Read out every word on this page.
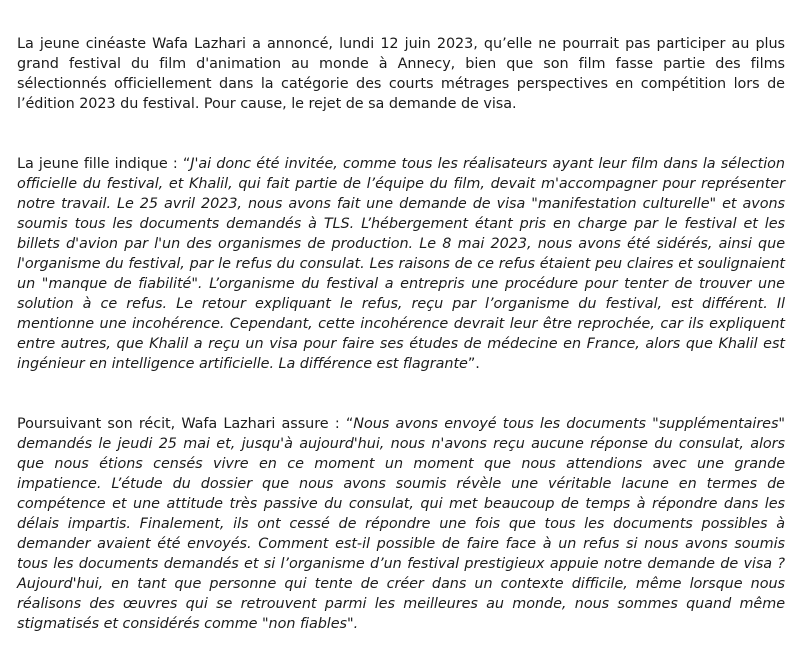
La jeune cinéaste Wafa Lazhari a annoncé, lundi 12 juin 2023, qu’elle ne pourrait pas participer au plus grand festival du film d'animation au monde à Annecy, bien que son film fasse partie des films sélectionnés officiellement dans la catégorie des courts métrages perspectives en compétition lors de l’édition 2023 du festival. Pour cause, le rejet de sa demande de visa.

La jeune fille indique : “J'ai donc été invitée, comme tous les réalisateurs ayant leur film dans la sélection officielle du festival, et Khalil, qui fait partie de l’équipe du film, devait m'accompagner pour représenter notre travail. Le 25 avril 2023, nous avons fait une demande de visa "manifestation culturelle" et avons soumis tous les documents demandés à TLS. L’hébergement étant pris en charge par le festival et les billets d'avion par l'un des organismes de production. Le 8 mai 2023, nous avons été sidérés, ainsi que l'organisme du festival, par le refus du consulat. Les raisons de ce refus étaient peu claires et soulignaient un "manque de fiabilité". L’organisme du festival a entrepris une procédure pour tenter de trouver une solution à ce refus. Le retour expliquant le refus, reçu par l’organisme du festival, est différent. Il mentionne une incohérence. Cependant, cette incohérence devrait leur être reprochée, car ils expliquent entre autres, que Khalil a reçu un visa pour faire ses études de médecine en France, alors que Khalil est ingénieur en intelligence artificielle. La différence est flagrante”.

Poursuivant son récit, Wafa Lazhari assure : “Nous avons envoyé tous les documents "supplémentaires" demandés le jeudi 25 mai et, jusqu'à aujourd'hui, nous n'avons reçu aucune réponse du consulat, alors que nous étions censés vivre en ce moment un moment que nous attendions avec une grande impatience. L’étude du dossier que nous avons soumis révèle une véritable lacune en termes de compétence et une attitude très passive du consulat, qui met beaucoup de temps à répondre dans les délais impartis. Finalement, ils ont cessé de répondre une fois que tous les documents possibles à demander avaient été envoyés. Comment est-il possible de faire face à un refus si nous avons soumis tous les documents demandés et si l’organisme d’un festival prestigieux appuie notre demande de visa ? Aujourd'hui, en tant que personne qui tente de créer dans un contexte difficile, même lorsque nous réalisons des œuvres qui se retrouvent parmi les meilleures au monde, nous sommes quand même stigmatisés et considérés comme "non fiables".
